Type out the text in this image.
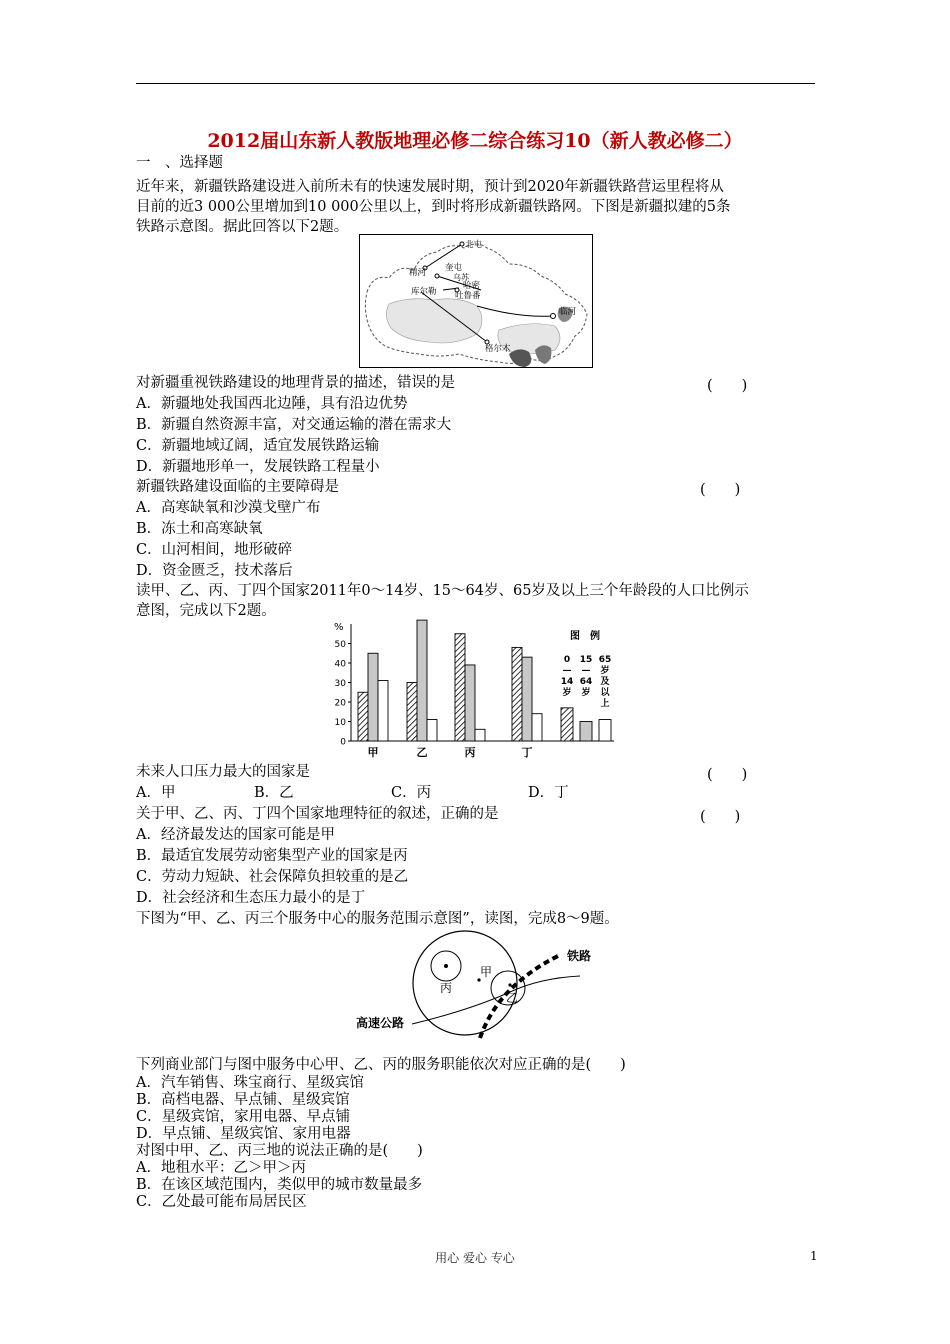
2012届山东新人教版地理必修二综合练习10（新人教必修二）
一　、选择题
近年来，新疆铁路建设进入前所未有的快速发展时期，预计到2020年新疆铁路营运里程将从
目前的近3 000公里增加到10 000公里以上，到时将形成新疆铁路网。下图是新疆拟建的5条
铁路示意图。据此回答以下2题。
北屯
精河 奎屯
乌苏
哈密
吐鲁番
库尔勒
临河
格尔木
对新疆重视铁路建设的地理背景的描述，错误的是	(　　)
A．新疆地处我国西北边陲，具有沿边优势
B．新疆自然资源丰富，对交通运输的潜在需求大
C．新疆地域辽阔，适宜发展铁路运输
D．新疆地形单一，发展铁路工程量小
新疆铁路建设面临的主要障碍是	(　　)
A．高寒缺氧和沙漠戈壁广布
B．冻土和高寒缺氧
C．山河相间，地形破碎
D．资金匮乏，技术落后
读甲、乙、丙、丁四个国家2011年0～14岁、15～64岁、65岁及以上三个年龄段的人口比例示
意图，完成以下2题。
%
0
10
20
30
40
50
甲	乙	丙	丁
图　例
0
—
14
岁
15
—
64
岁
65
岁
及
以
上
未来人口压力最大的国家是	(　　)
A．甲	B．乙	C．丙	D．丁
关于甲、乙、丙、丁四个国家地理特征的叙述，正确的是	(　　)
A．经济最发达的国家可能是甲
B．最适宜发展劳动密集型产业的国家是丙
C．劳动力短缺、社会保障负担较重的是乙
D．社会经济和生态压力最小的是丁
下图为“甲、乙、丙三个服务中心的服务范围示意图”，读图，完成8～9题。
甲
丙
乙
铁路
高速公路
下列商业部门与图中服务中心甲、乙、丙的服务职能依次对应正确的是(　　)
A．汽车销售、珠宝商行、星级宾馆
B．高档电器、早点铺、星级宾馆
C．星级宾馆，家用电器、早点铺
D．早点铺、星级宾馆、家用电器
对图中甲、乙、丙三地的说法正确的是(　　)
A．地租水平：乙＞甲＞丙
B．在该区域范围内，类似甲的城市数量最多
C．乙处最可能布局居民区
用心 爱心 专心	1
